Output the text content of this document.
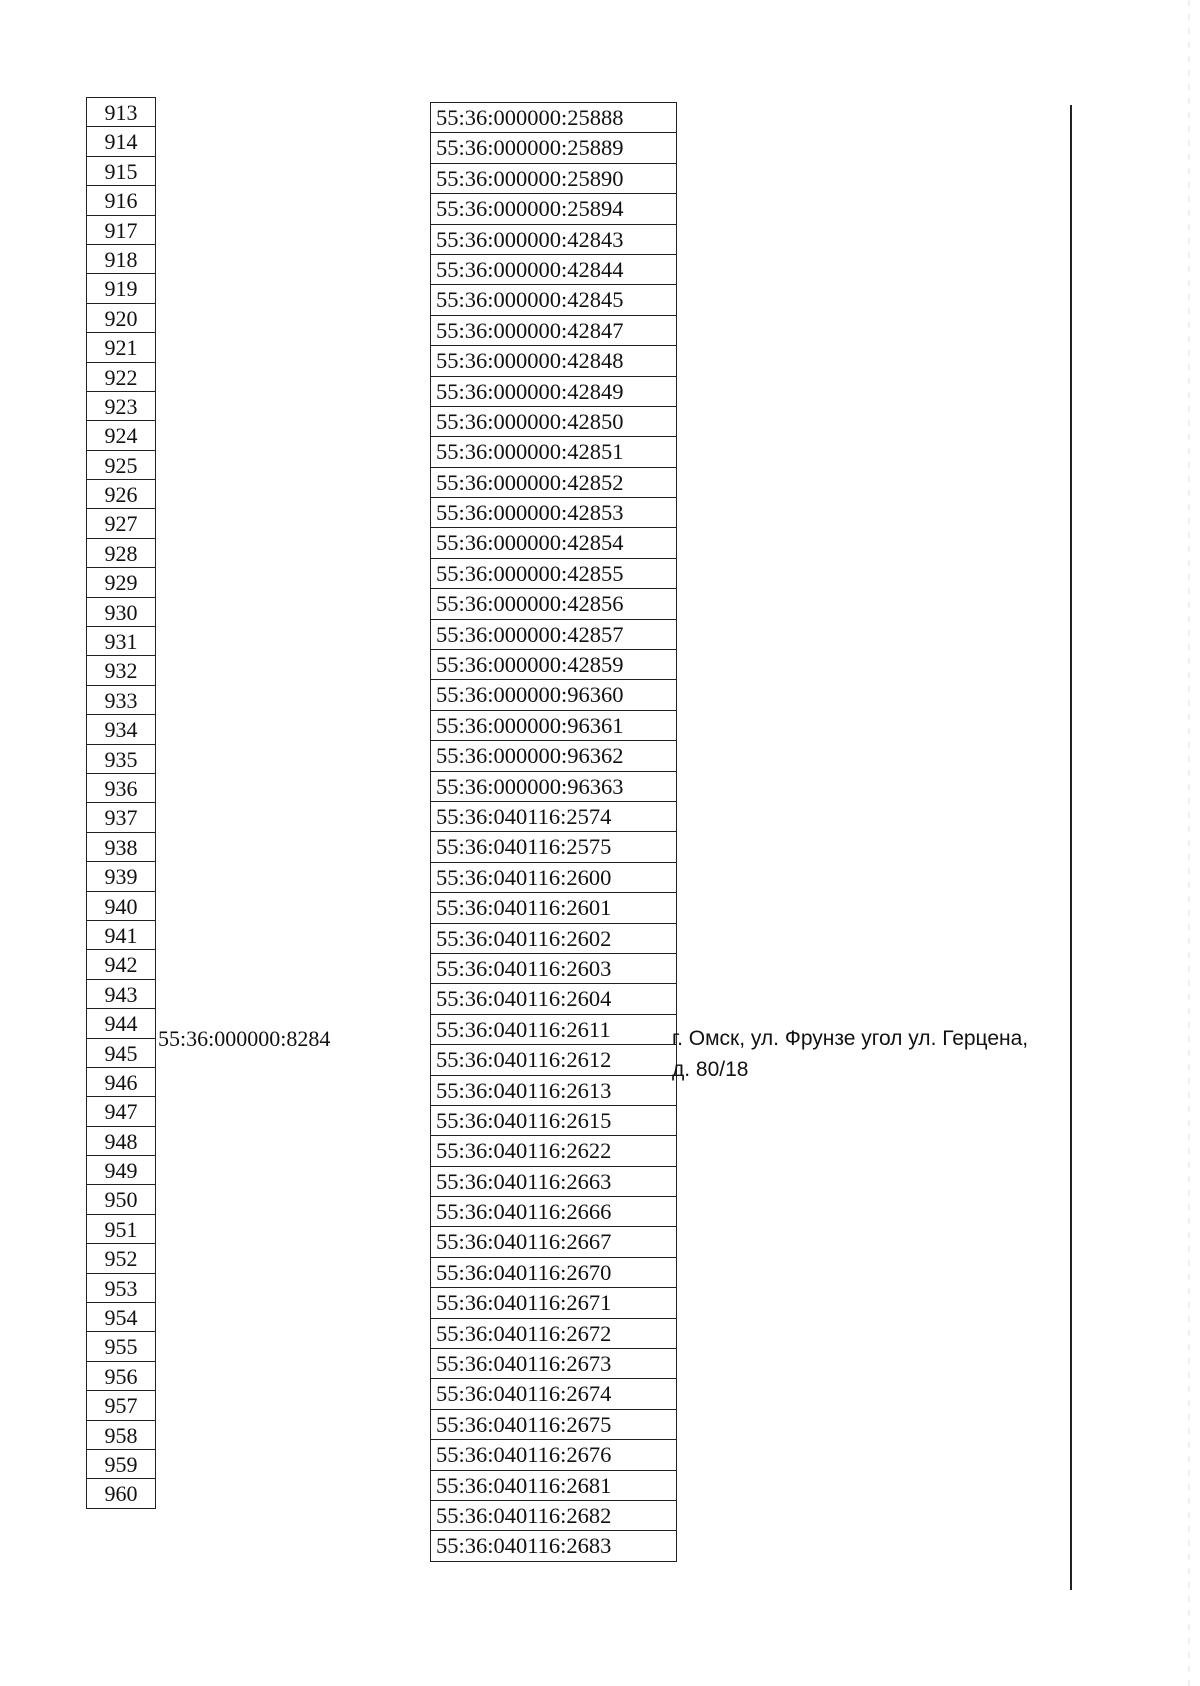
913
914
915
916
917
918
919
920
921
922
923
924
925
926
927
928
929
930
931
932
933
934
935
936
937
938
939
940
941
942
943
944
945
946
947
948
949
950
951
952
953
954
955
956
957
958
959
960
55:36:000000:8284
55:36:000000:25888
55:36:000000:25889
55:36:000000:25890
55:36:000000:25894
55:36:000000:42843
55:36:000000:42844
55:36:000000:42845
55:36:000000:42847
55:36:000000:42848
55:36:000000:42849
55:36:000000:42850
55:36:000000:42851
55:36:000000:42852
55:36:000000:42853
55:36:000000:42854
55:36:000000:42855
55:36:000000:42856
55:36:000000:42857
55:36:000000:42859
55:36:000000:96360
55:36:000000:96361
55:36:000000:96362
55:36:000000:96363
55:36:040116:2574
55:36:040116:2575
55:36:040116:2600
55:36:040116:2601
55:36:040116:2602
55:36:040116:2603
55:36:040116:2604
55:36:040116:2611
55:36:040116:2612
55:36:040116:2613
55:36:040116:2615
55:36:040116:2622
55:36:040116:2663
55:36:040116:2666
55:36:040116:2667
55:36:040116:2670
55:36:040116:2671
55:36:040116:2672
55:36:040116:2673
55:36:040116:2674
55:36:040116:2675
55:36:040116:2676
55:36:040116:2681
55:36:040116:2682
55:36:040116:2683
г. Омск, ул. Фрунзе угол ул. Герцена,
д. 80/18
